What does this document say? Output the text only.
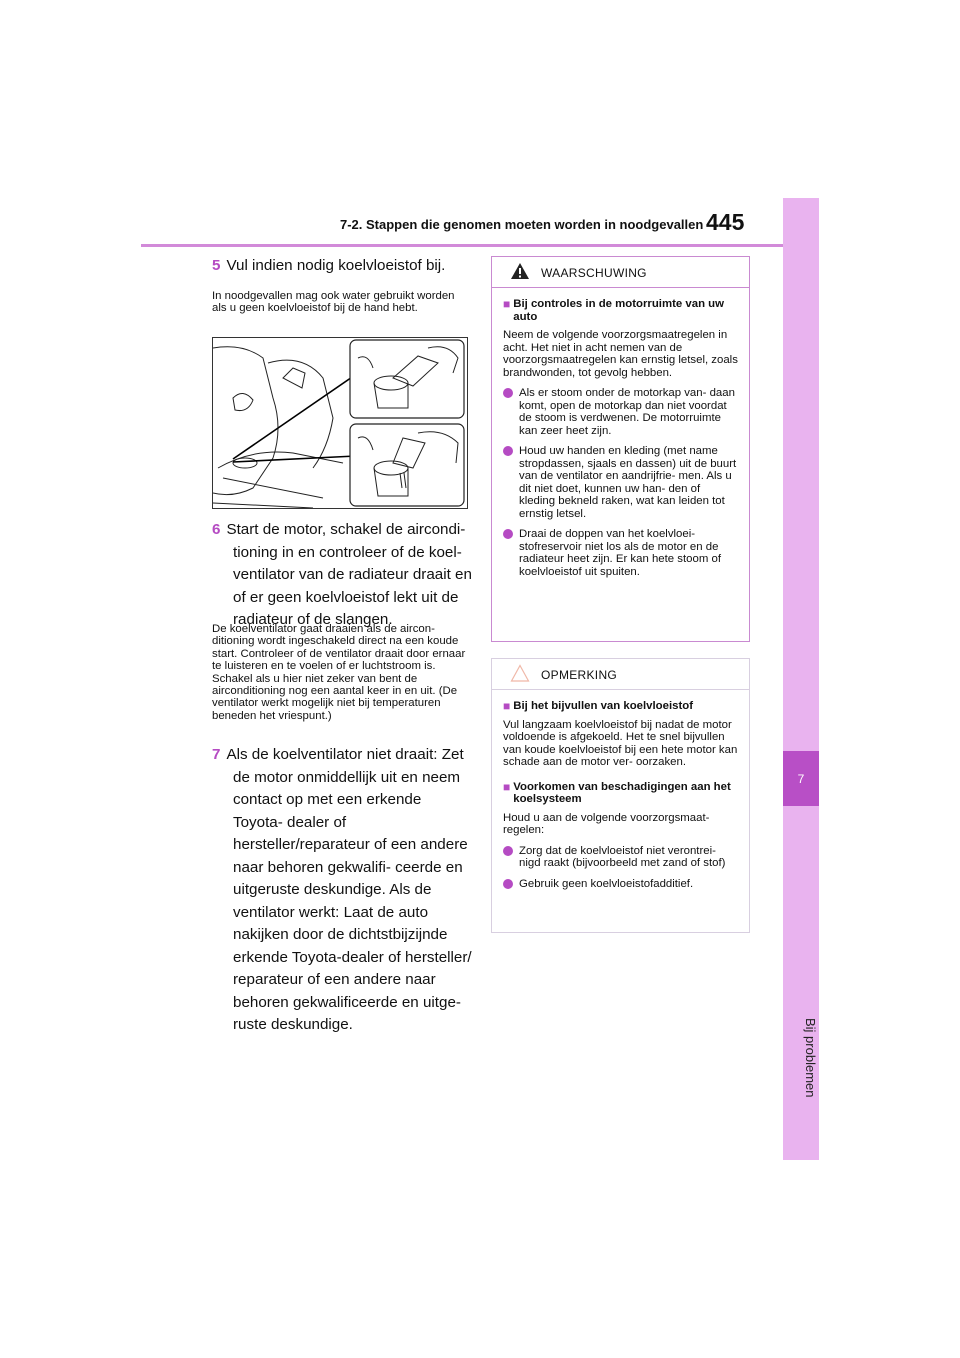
7-2. Stappen die genomen moeten worden in noodgevallen 445
7
Bij problemen
5 Vul indien nodig koelvloeistof bij.
In noodgevallen mag ook water gebruikt worden als u geen koelvloeistof bij de hand hebt.
6 Start de motor, schakel de aircondi-
tioning in en controleer of de koel- ventilator van de radiateur draait en of er geen koelvloeistof lekt uit de radiateur of de slangen.
De koelventilator gaat draaien als de aircon- ditioning wordt ingeschakeld direct na een koude start. Controleer of de ventilator draait door ernaar te luisteren en te voelen of er luchtstroom is. Schakel als u hier niet zeker van bent de airconditioning nog een aantal keer in en uit. (De ventilator werkt mogelijk niet bij temperaturen beneden het vriespunt.)
7 Als de koelventilator niet draait: Zet
de motor onmiddellijk uit en neem contact op met een erkende Toyota- dealer of hersteller/reparateur of een andere naar behoren gekwalifi- ceerde en uitgeruste deskundige. Als de ventilator werkt: Laat de auto nakijken door de dichtstbijzijnde erkende Toyota-dealer of hersteller/ reparateur of een andere naar behoren gekwalificeerde en uitge- ruste deskundige.
WAARSCHUWING
■ Bij controles in de motorruimte van uw auto
Neem de volgende voorzorgsmaatregelen in acht. Het niet in acht nemen van de voorzorgsmaatregelen kan ernstig letsel, zoals brandwonden, tot gevolg hebben.
Als er stoom onder de motorkap van- daan komt, open de motorkap dan niet voordat de stoom is verdwenen. De motorruimte kan zeer heet zijn.
Houd uw handen en kleding (met name stropdassen, sjaals en dassen) uit de buurt van de ventilator en aandrijfrie- men. Als u dit niet doet, kunnen uw han- den of kleding bekneld raken, wat kan leiden tot ernstig letsel.
Draai de doppen van het koelvloei- stofreservoir niet los als de motor en de radiateur heet zijn. Er kan hete stoom of koelvloeistof uit spuiten.
OPMERKING
■ Bij het bijvullen van koelvloeistof
Vul langzaam koelvloeistof bij nadat de motor voldoende is afgekoeld. Het te snel bijvullen van koude koelvloeistof bij een hete motor kan schade aan de motor ver- oorzaken.
■ Voorkomen van beschadigingen aan het koelsysteem
Houd u aan de volgende voorzorgsmaat- regelen:
Zorg dat de koelvloeistof niet verontrei- nigd raakt (bijvoorbeeld met zand of stof)
Gebruik geen koelvloeistofadditief.
